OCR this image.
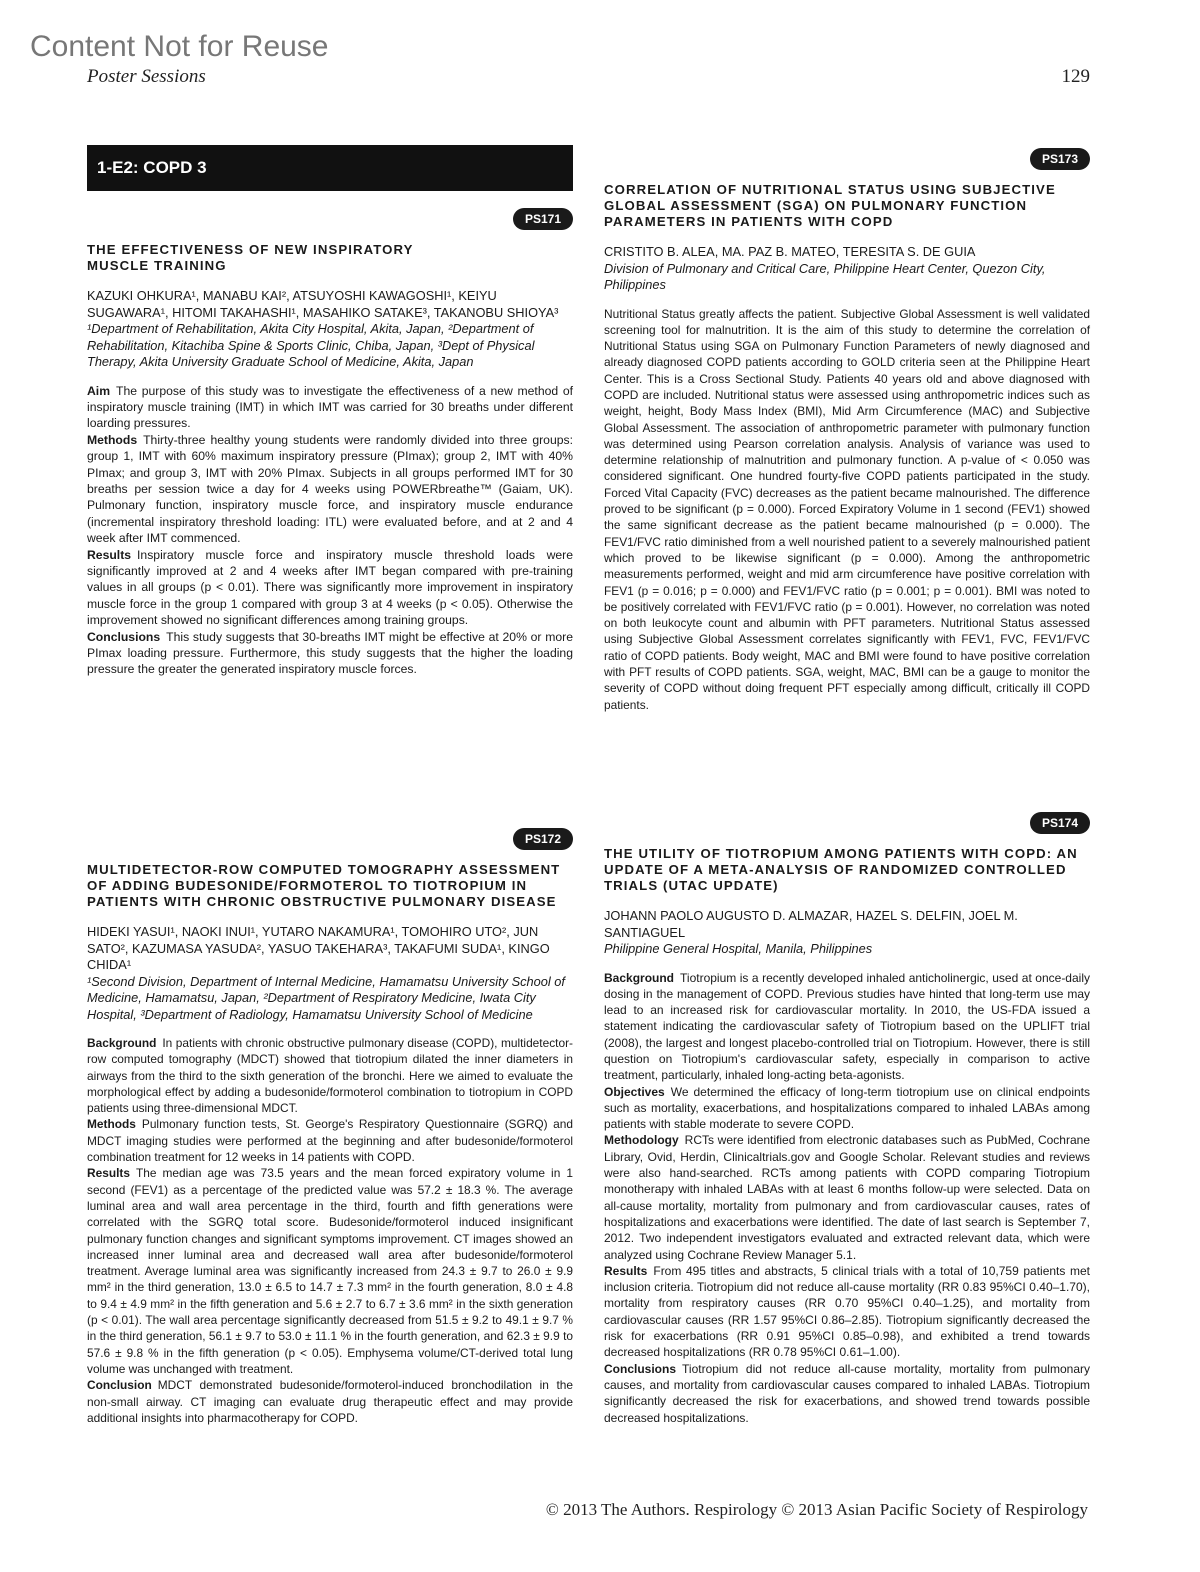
Content Not for Reuse
Poster Sessions	129
1-E2: COPD 3
PS171
THE EFFECTIVENESS OF NEW INSPIRATORY MUSCLE TRAINING

KAZUKI OHKURA¹, MANABU KAI², ATSUYOSHI KAWAGOSHI¹, KEIYU SUGAWARA¹, HITOMI TAKAHASHI¹, MASAHIKO SATAKE³, TAKANOBU SHIOYA³

¹Department of Rehabilitation, Akita City Hospital, Akita, Japan, ²Department of Rehabilitation, Kitachiba Spine & Sports Clinic, Chiba, Japan, ³Dept of Physical Therapy, Akita University Graduate School of Medicine, Akita, Japan

Aim The purpose of this study was to investigate the effectiveness of a new method of inspiratory muscle training (IMT) in which IMT was carried for 30 breaths under different loarding pressures.

Methods Thirty-three healthy young students were randomly divided into three groups: group 1, IMT with 60% maximum inspiratory pressure (PImax); group 2, IMT with 40% PImax; and group 3, IMT with 20% PImax. Subjects in all groups performed IMT for 30 breaths per session twice a day for 4 weeks using POWERbreathe™ (Gaiam, UK). Pulmonary function, inspiratory muscle force, and inspiratory muscle endurance (incremental inspiratory threshold loading: ITL) were evaluated before, and at 2 and 4 week after IMT commenced.

Results Inspiratory muscle force and inspiratory muscle threshold loads were significantly improved at 2 and 4 weeks after IMT began compared with pre-training values in all groups (p < 0.01). There was significantly more improvement in inspiratory muscle force in the group 1 compared with group 3 at 4 weeks (p < 0.05). Otherwise the improvement showed no significant differences among training groups.

Conclusions This study suggests that 30-breaths IMT might be effective at 20% or more PImax loading pressure. Furthermore, this study suggests that the higher the loading pressure the greater the generated inspiratory muscle forces.

PS172
MULTIDETECTOR-ROW COMPUTED TOMOGRAPHY ASSESSMENT OF ADDING BUDESONIDE/FORMOTEROL TO TIOTROPIUM IN PATIENTS WITH CHRONIC OBSTRUCTIVE PULMONARY DISEASE

HIDEKI YASUI¹, NAOKI INUI¹, YUTARO NAKAMURA¹, TOMOHIRO UTO², JUN SATO², KAZUMASA YASUDA², YASUO TAKEHARA³, TAKAFUMI SUDA¹, KINGO CHIDA¹

¹Second Division, Department of Internal Medicine, Hamamatsu University School of Medicine, Hamamatsu, Japan, ²Department of Respiratory Medicine, Iwata City Hospital, ³Department of Radiology, Hamamatsu University School of Medicine

Background In patients with chronic obstructive pulmonary disease (COPD), multidetector-row computed tomography (MDCT) showed that tiotropium dilated the inner diameters in airways from the third to the sixth generation of the bronchi. Here we aimed to evaluate the morphological effect by adding a budesonide/formoterol combination to tiotropium in COPD patients using three-dimensional MDCT.

Methods Pulmonary function tests, St. George's Respiratory Questionnaire (SGRQ) and MDCT imaging studies were performed at the beginning and after budesonide/formoterol combination treatment for 12 weeks in 14 patients with COPD.

Results The median age was 73.5 years and the mean forced expiratory volume in 1 second (FEV1) as a percentage of the predicted value was 57.2 ± 18.3 %. The average luminal area and wall area percentage in the third, fourth and fifth generations were correlated with the SGRQ total score. Budesonide/formoterol induced insignificant pulmonary function changes and significant symptoms improvement. CT images showed an increased inner luminal area and decreased wall area after budesonide/formoterol treatment. Average luminal area was significantly increased from 24.3 ± 9.7 to 26.0 ± 9.9 mm² in the third generation, 13.0 ± 6.5 to 14.7 ± 7.3 mm² in the fourth generation, 8.0 ± 4.8 to 9.4 ± 4.9 mm² in the fifth generation and 5.6 ± 2.7 to 6.7 ± 3.6 mm² in the sixth generation (p < 0.01). The wall area percentage significantly decreased from 51.5 ± 9.2 to 49.1 ± 9.7 % in the third generation, 56.1 ± 9.7 to 53.0 ± 11.1 % in the fourth generation, and 62.3 ± 9.9 to 57.6 ± 9.8 % in the fifth generation (p < 0.05). Emphysema volume/CT-derived total lung volume was unchanged with treatment.

Conclusion MDCT demonstrated budesonide/formoterol-induced bronchodilation in the non-small airway. CT imaging can evaluate drug therapeutic effect and may provide additional insights into pharmacotherapy for COPD.

PS173
CORRELATION OF NUTRITIONAL STATUS USING SUBJECTIVE GLOBAL ASSESSMENT (SGA) ON PULMONARY FUNCTION PARAMETERS IN PATIENTS WITH COPD

CRISTITO B. ALEA, MA. PAZ B. MATEO, TERESITA S. DE GUIA

Division of Pulmonary and Critical Care, Philippine Heart Center, Quezon City, Philippines

Nutritional Status greatly affects the patient. Subjective Global Assessment is well validated screening tool for malnutrition. It is the aim of this study to determine the correlation of Nutritional Status using SGA on Pulmonary Function Parameters of newly diagnosed and already diagnosed COPD patients according to GOLD criteria seen at the Philippine Heart Center. This is a Cross Sectional Study. Patients 40 years old and above diagnosed with COPD are included. Nutritional status were assessed using anthropometric indices such as weight, height, Body Mass Index (BMI), Mid Arm Circumference (MAC) and Subjective Global Assessment. The association of anthropometric parameter with pulmonary function was determined using Pearson correlation analysis. Analysis of variance was used to determine relationship of malnutrition and pulmonary function. A p-value of < 0.050 was considered significant. One hundred fourty-five COPD patients participated in the study. Forced Vital Capacity (FVC) decreases as the patient became malnourished. The difference proved to be significant (p = 0.000). Forced Expiratory Volume in 1 second (FEV1) showed the same significant decrease as the patient became malnourished (p = 0.000). The FEV1/FVC ratio diminished from a well nourished patient to a severely malnourished patient which proved to be likewise significant (p = 0.000). Among the anthropometric measurements performed, weight and mid arm circumference have positive correlation with FEV1 (p = 0.016; p = 0.000) and FEV1/FVC ratio (p = 0.001; p = 0.001). BMI was noted to be positively correlated with FEV1/FVC ratio (p = 0.001). However, no correlation was noted on both leukocyte count and albumin with PFT parameters. Nutritional Status assessed using Subjective Global Assessment correlates significantly with FEV1, FVC, FEV1/FVC ratio of COPD patients. Body weight, MAC and BMI were found to have positive correlation with PFT results of COPD patients. SGA, weight, MAC, BMI can be a gauge to monitor the severity of COPD without doing frequent PFT especially among difficult, critically ill COPD patients.

PS174
THE UTILITY OF TIOTROPIUM AMONG PATIENTS WITH COPD: AN UPDATE OF A META-ANALYSIS OF RANDOMIZED CONTROLLED TRIALS (UTAC UPDATE)

JOHANN PAOLO AUGUSTO D. ALMAZAR, HAZEL S. DELFIN, JOEL M. SANTIAGUEL

Philippine General Hospital, Manila, Philippines

Background Tiotropium is a recently developed inhaled anticholinergic, used at once-daily dosing in the management of COPD. Previous studies have hinted that long-term use may lead to an increased risk for cardiovascular mortality. In 2010, the US-FDA issued a statement indicating the cardiovascular safety of Tiotropium based on the UPLIFT trial (2008), the largest and longest placebo-controlled trial on Tiotropium. However, there is still question on Tiotropium's cardiovascular safety, especially in comparison to active treatment, particularly, inhaled long-acting beta-agonists.

Objectives We determined the efficacy of long-term tiotropium use on clinical endpoints such as mortality, exacerbations, and hospitalizations compared to inhaled LABAs among patients with stable moderate to severe COPD.

Methodology RCTs were identified from electronic databases such as PubMed, Cochrane Library, Ovid, Herdin, Clinicaltrials.gov and Google Scholar. Relevant studies and reviews were also hand-searched. RCTs among patients with COPD comparing Tiotropium monotherapy with inhaled LABAs with at least 6 months follow-up were selected. Data on all-cause mortality, mortality from pulmonary and from cardiovascular causes, rates of hospitalizations and exacerbations were identified. The date of last search is September 7, 2012. Two independent investigators evaluated and extracted relevant data, which were analyzed using Cochrane Review Manager 5.1.

Results From 495 titles and abstracts, 5 clinical trials with a total of 10,759 patients met inclusion criteria. Tiotropium did not reduce all-cause mortality (RR 0.83 95%CI 0.40–1.70), mortality from respiratory causes (RR 0.70 95%CI 0.40–1.25), and mortality from cardiovascular causes (RR 1.57 95%CI 0.86–2.85). Tiotropium significantly decreased the risk for exacerbations (RR 0.91 95%CI 0.85–0.98), and exhibited a trend towards decreased hospitalizations (RR 0.78 95%CI 0.61–1.00).

Conclusions Tiotropium did not reduce all-cause mortality, mortality from pulmonary causes, and mortality from cardiovascular causes compared to inhaled LABAs. Tiotropium significantly decreased the risk for exacerbations, and showed trend towards possible decreased hospitalizations.

© 2013 The Authors. Respirology © 2013 Asian Pacific Society of Respirology
